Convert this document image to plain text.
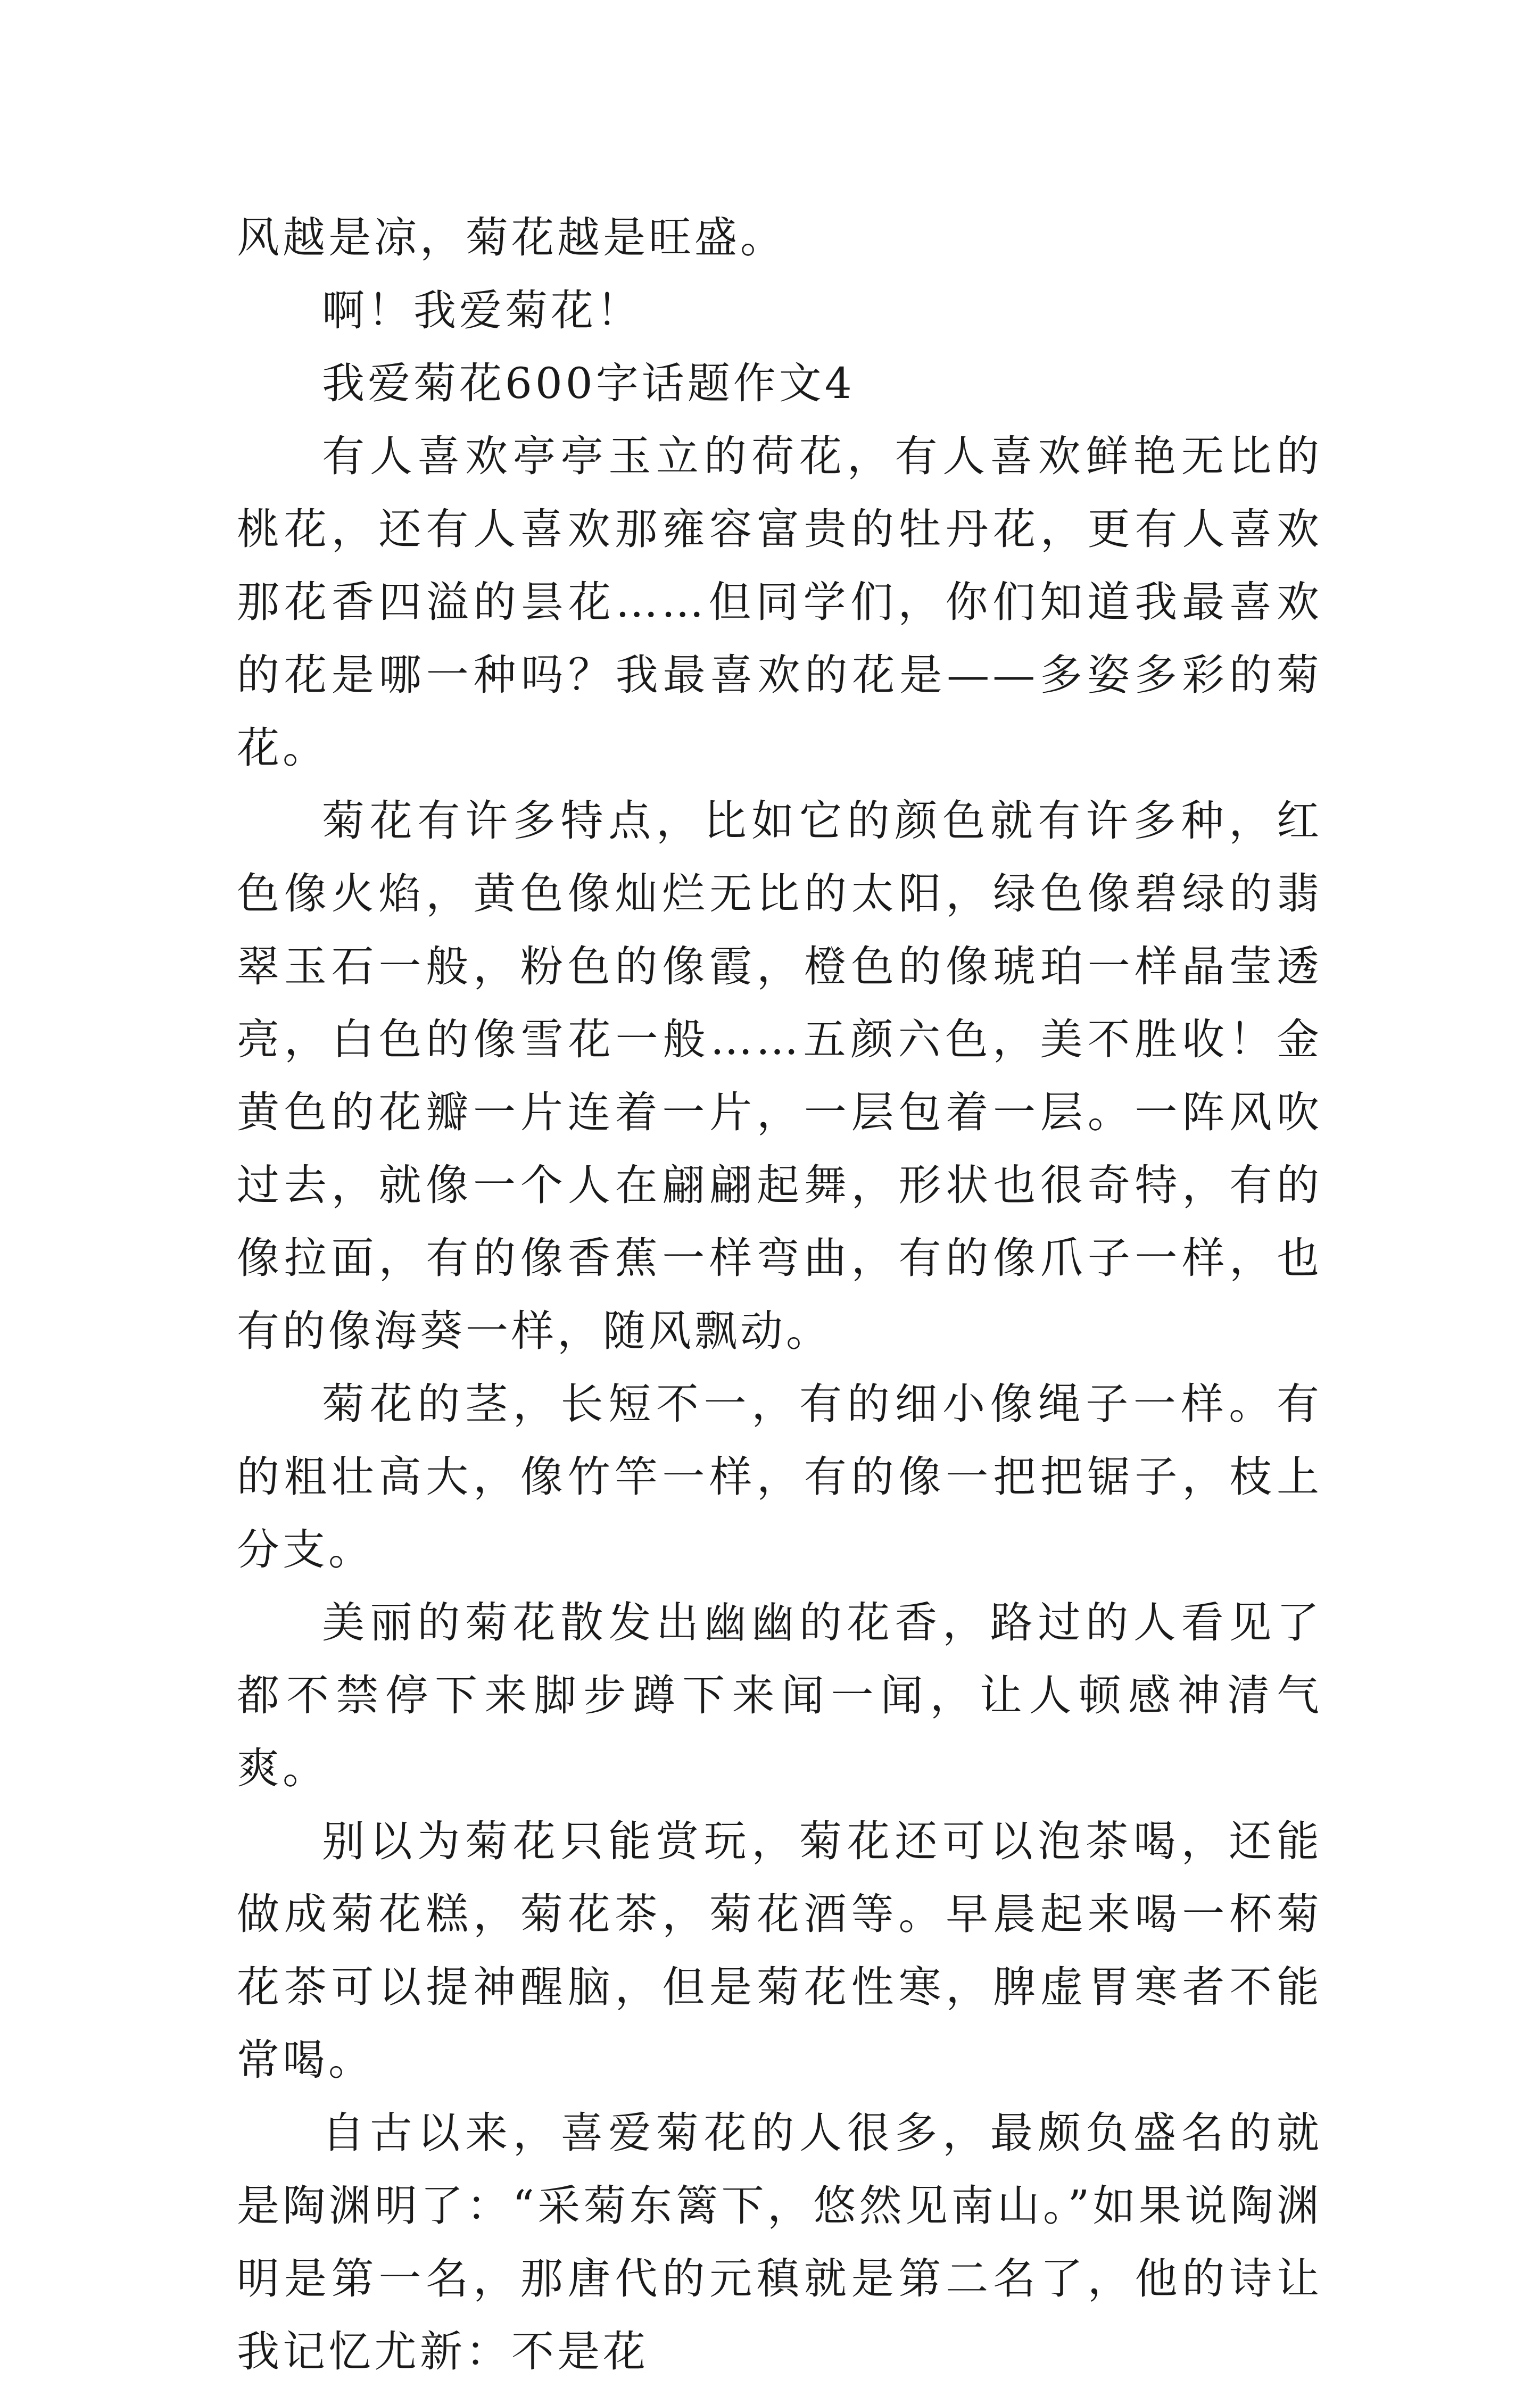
风越是凉，菊花越是旺盛。

啊！我爱菊花！

我爱菊花600字话题作文4

有人喜欢亭亭玉立的荷花，有人喜欢鲜艳无比的桃花，还有人喜欢那雍容富贵的牡丹花，更有人喜欢那花香四溢的昙花……但同学们，你们知道我最喜欢的花是哪一种吗？我最喜欢的花是——多姿多彩的菊花。

菊花有许多特点，比如它的颜色就有许多种，红色像火焰，黄色像灿烂无比的太阳，绿色像碧绿的翡翠玉石一般，粉色的像霞，橙色的像琥珀一样晶莹透亮，白色的像雪花一般……五颜六色，美不胜收！金黄色的花瓣一片连着一片，一层包着一层。一阵风吹过去，就像一个人在翩翩起舞，形状也很奇特，有的像拉面，有的像香蕉一样弯曲，有的像爪子一样，也有的像海葵一样，随风飘动。

菊花的茎，长短不一，有的细小像绳子一样。有的粗壮高大，像竹竿一样，有的像一把把锯子，枝上分支。

美丽的菊花散发出幽幽的花香，路过的人看见了都不禁停下来脚步蹲下来闻一闻，让人顿感神清气爽。

别以为菊花只能赏玩，菊花还可以泡茶喝，还能做成菊花糕，菊花茶，菊花酒等。早晨起来喝一杯菊花茶可以提神醒脑，但是菊花性寒，脾虚胃寒者不能常喝。

自古以来，喜爱菊花的人很多，最颇负盛名的就是陶渊明了：“采菊东篱下，悠然见南山。”如果说陶渊明是第一名，那唐代的元稹就是第二名了，他的诗让我记忆尤新：不是花
